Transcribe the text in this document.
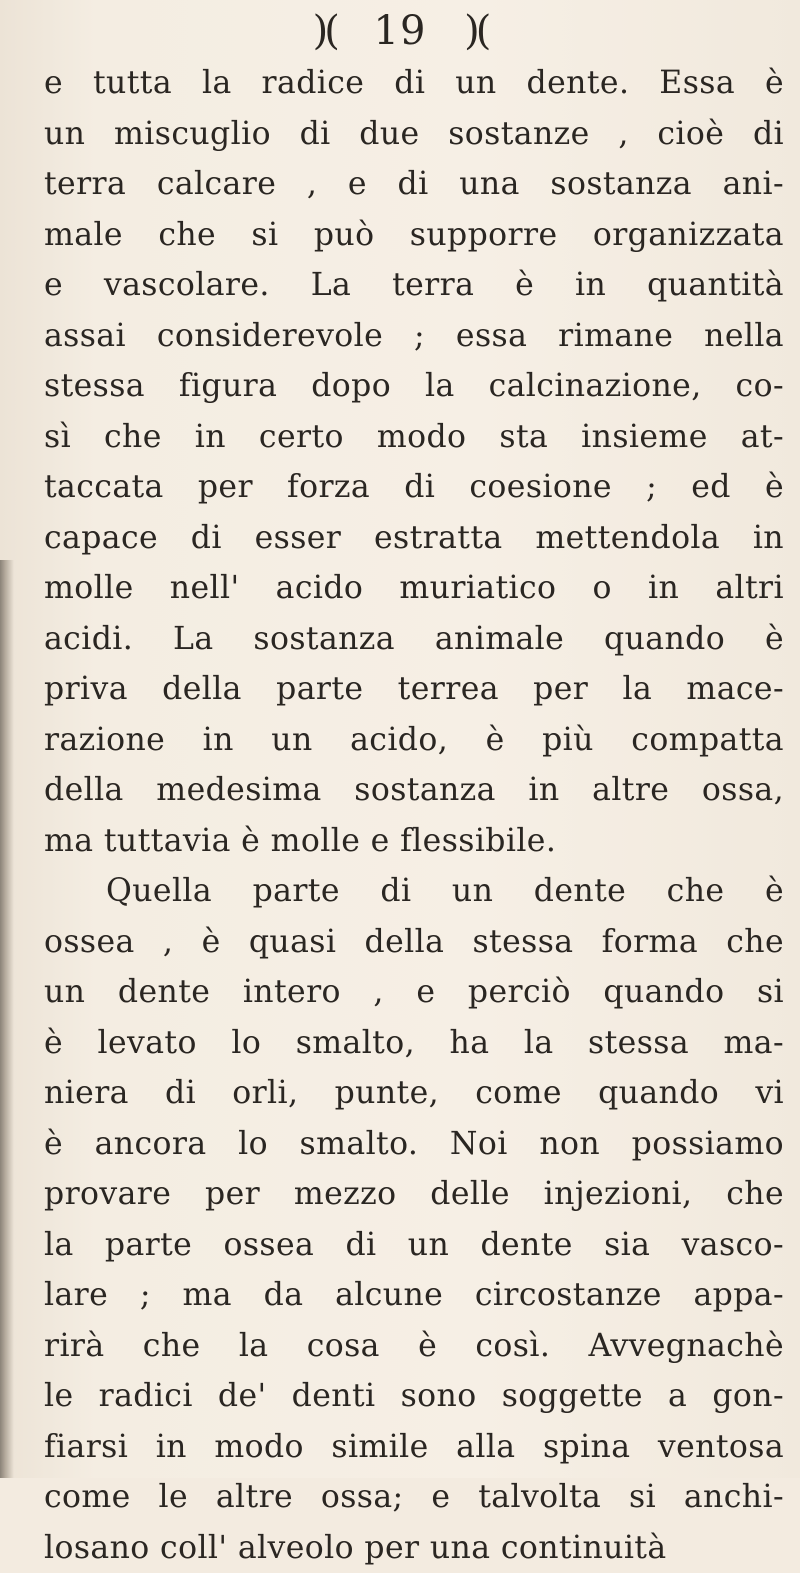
)( 19 )(
e tutta la radice di un dente. Essa è
un miscuglio di due sostanze , cioè di
terra calcare , e di una sostanza ani-
male che si può supporre organizzata
e vascolare. La terra è in quantità
assai considerevole ; essa rimane nella
stessa figura dopo la calcinazione, co-
sì che in certo modo sta insieme at-
taccata per forza di coesione ; ed è
capace di esser estratta mettendola in
molle nell' acido muriatico o in altri
acidi. La sostanza animale quando è
priva della parte terrea per la mace-
razione in un acido, è più compatta
della medesima sostanza in altre ossa,
ma tuttavia è molle e flessibile.
Quella parte di un dente che è
ossea , è quasi della stessa forma che
un dente intero , e perciò quando si
è levato lo smalto, ha la stessa ma-
niera di orli, punte, come quando vi
è ancora lo smalto. Noi non possiamo
provare per mezzo delle injezioni, che
la parte ossea di un dente sia vasco-
lare ; ma da alcune circostanze appa-
rirà che la cosa è così. Avvegnachè
le radici de' denti sono soggette a gon-
fiarsi in modo simile alla spina ventosa
come le altre ossa; e talvolta si anchi-
losano coll' alveolo per una continuità
